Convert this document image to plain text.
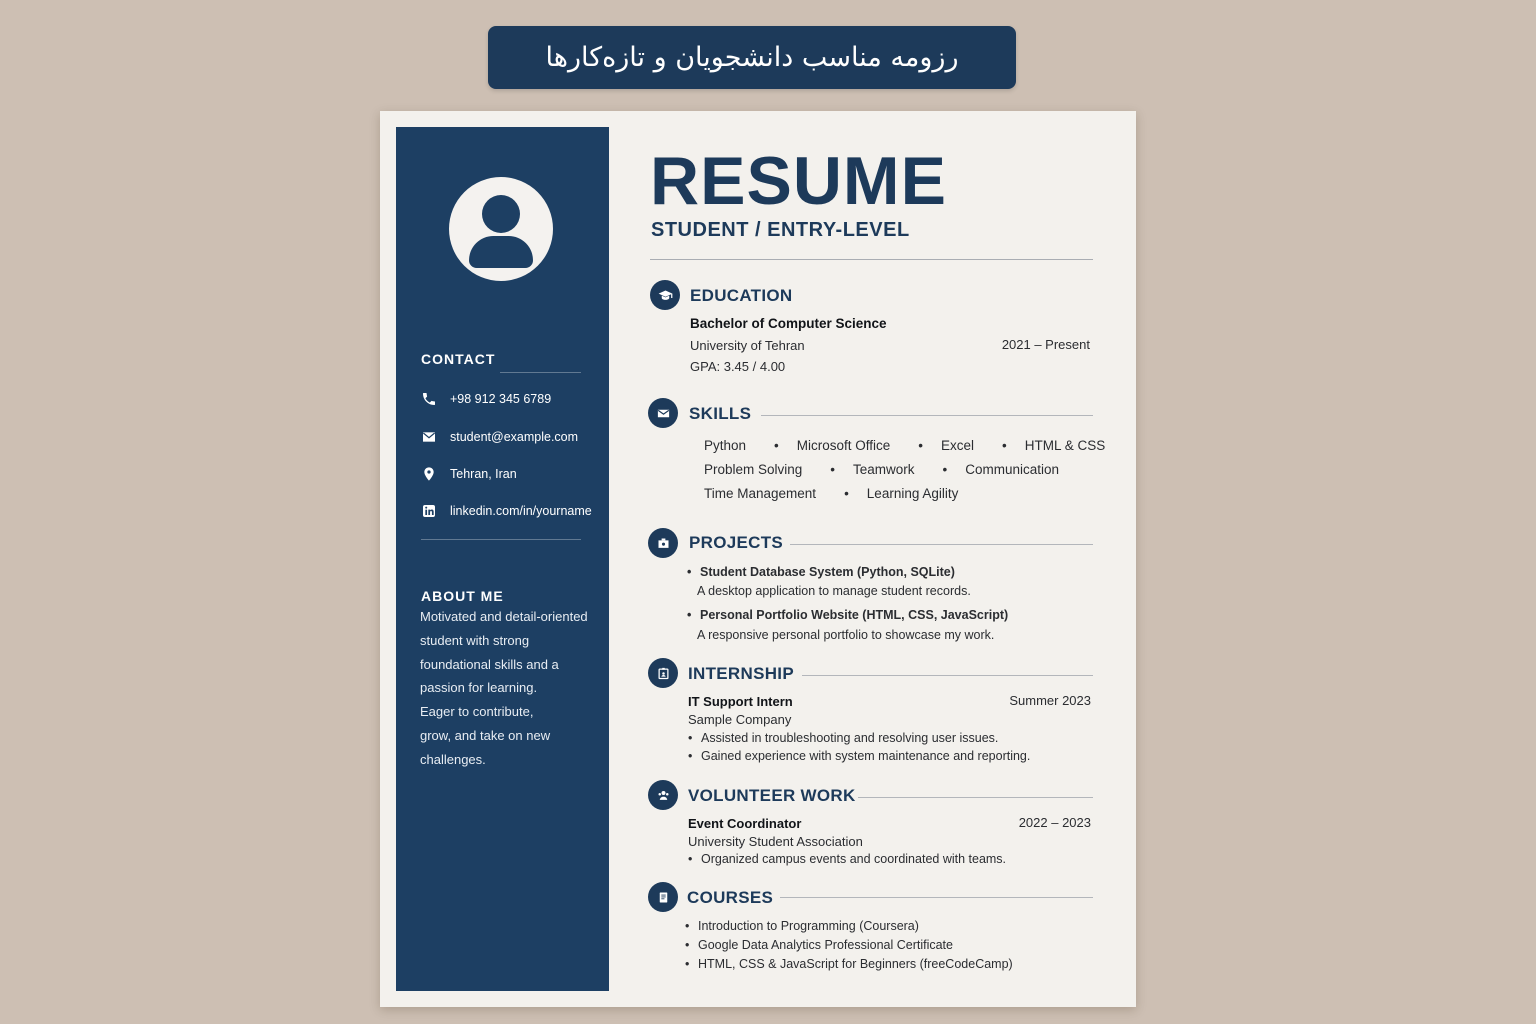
رزومه مناسب دانشجویان و تازه‌کارها
CONTACT
+98 912 345 6789
student@example.com
Tehran, Iran
linkedin.com/in/yourname
ABOUT ME
Motivated and detail-oriented
student with strong
foundational skills and a
passion for learning.
Eager to contribute,
grow, and take on new
challenges.
RESUME
STUDENT / ENTRY-LEVEL
EDUCATION
Bachelor of Computer Science
University of Tehran	2021 – Present
GPA: 3.45 / 4.00
SKILLS
Python • Microsoft Office • Excel • HTML & CSS
Problem Solving • Teamwork • Communication
Time Management • Learning Agility
PROJECTS
• Student Database System (Python, SQLite)
A desktop application to manage student records.
• Personal Portfolio Website (HTML, CSS, JavaScript)
A responsive personal portfolio to showcase my work.
INTERNSHIP
IT Support Intern	Summer 2023
Sample Company
• Assisted in troubleshooting and resolving user issues.
• Gained experience with system maintenance and reporting.
VOLUNTEER WORK
Event Coordinator	2022 – 2023
University Student Association
• Organized campus events and coordinated with teams.
COURSES
• Introduction to Programming (Coursera)
• Google Data Analytics Professional Certificate
• HTML, CSS & JavaScript for Beginners (freeCodeCamp)
